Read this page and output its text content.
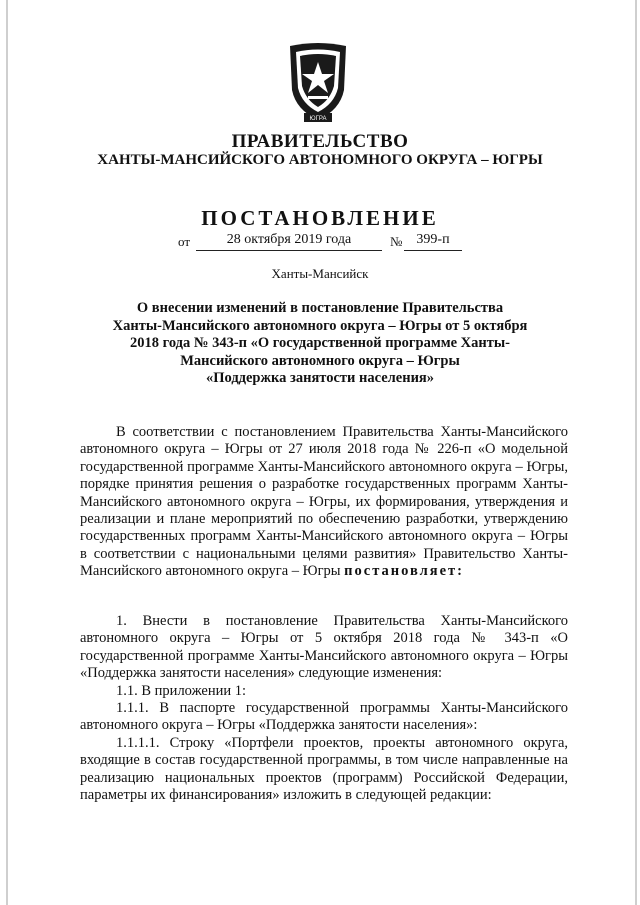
ЮГРА
ПРАВИТЕЛЬСТВО
ХАНТЫ-МАНСИЙСКОГО АВТОНОМНОГО ОКРУГА – ЮГРЫ
ПОСТАНОВЛЕНИЕ
от	28 октября 2019 года	№	399-п
Ханты-Мансийск
О внесении изменений в постановление Правительства
Ханты-Мансийского автономного округа – Югры от 5 октября
2018 года № 343-п «О государственной программе Ханты-
Мансийского автономного округа – Югры
«Поддержка занятости населения»

В соответствии с постановлением Правительства Ханты-Мансийского автономного округа – Югры от 27 июля 2018 года № 226-п «О модельной государственной программе Ханты-Мансийского автономного округа – Югры, порядке принятия решения о разработке государственных программ Ханты-Мансийского автономного округа – Югры, их формирования, утверждения и реализации и плане мероприятий по обеспечению разработки, утверждению государственных программ Ханты-Мансийского автономного округа – Югры в соответствии с национальными целями развития» Правительство Ханты-Мансийского автономного округа – Югры постановляет:

1. Внести в постановление Правительства Ханты-Мансийского автономного округа – Югры от 5 октября 2018 года № 343-п «О государственной программе Ханты-Мансийского автономного округа – Югры «Поддержка занятости населения» следующие изменения:

1.1. В приложении 1:

1.1.1. В паспорте государственной программы Ханты-Мансийского автономного округа – Югры «Поддержка занятости населения»:

1.1.1.1. Строку «Портфели проектов, проекты автономного округа, входящие в состав государственной программы, в том числе направленные на реализацию национальных проектов (программ) Российской Федерации, параметры их финансирования» изложить в следующей редакции:
